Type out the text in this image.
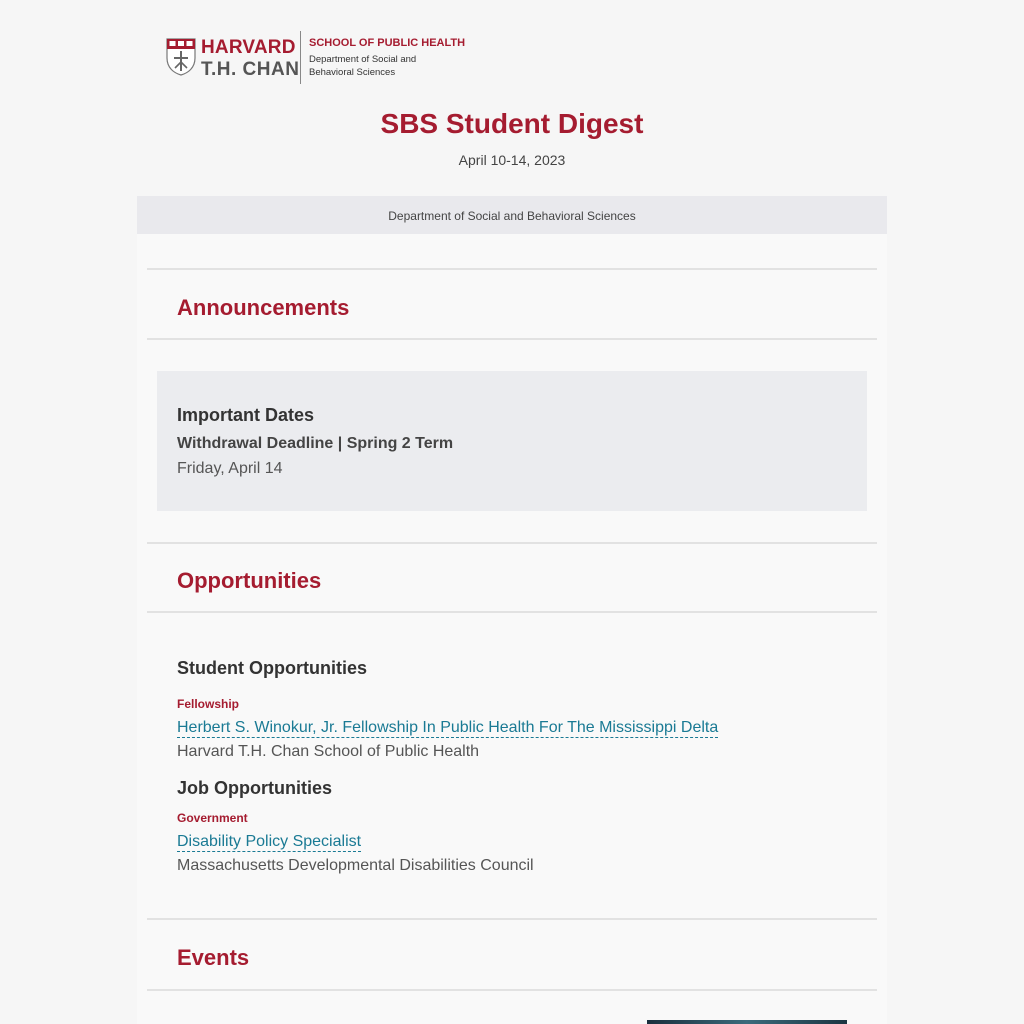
HARVARD
T.H. CHAN
SCHOOL OF PUBLIC HEALTH
Department of Social and
Behavioral Sciences
SBS Student Digest
April 10-14, 2023
Department of Social and Behavioral Sciences
Announcements
Important Dates
Withdrawal Deadline | Spring 2 Term
Friday, April 14
Opportunities
Student Opportunities
Fellowship
Herbert S. Winokur, Jr. Fellowship In Public Health For The Mississippi Delta
Harvard T.H. Chan School of Public Health
Job Opportunities
Government
Disability Policy Specialist
Massachusetts Developmental Disabilities Council
Events
